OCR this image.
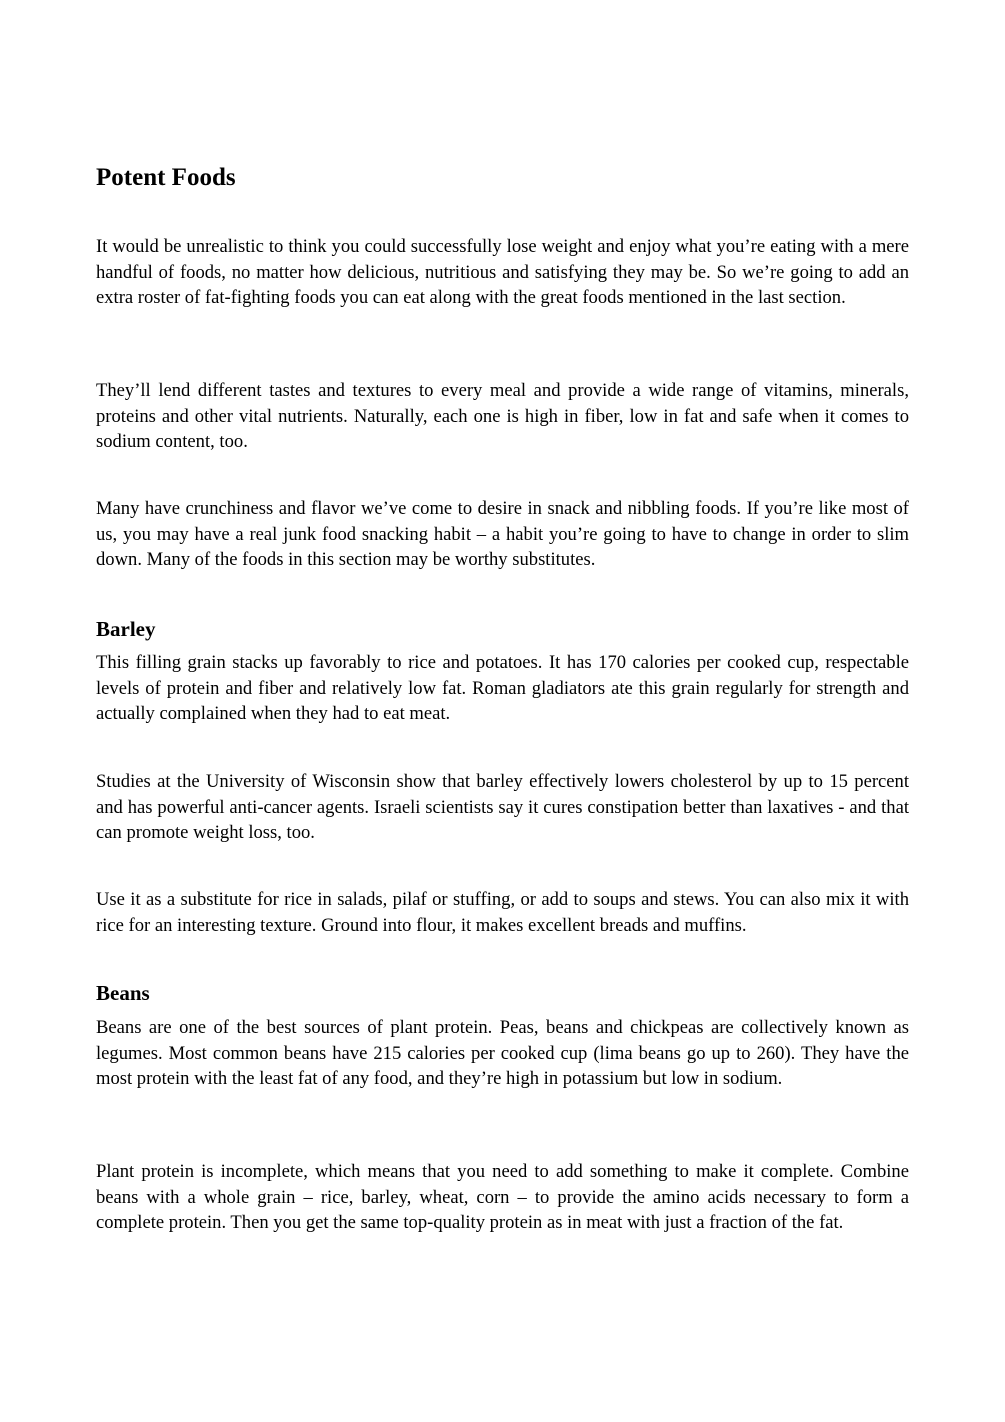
Potent Foods

It would be unrealistic to think you could successfully lose weight and enjoy what you’re eating with a mere handful of foods, no matter how delicious, nutritious and satisfying they may be. So we’re going to add an extra roster of fat-fighting foods you can eat along with the great foods mentioned in the last section.

They’ll lend different tastes and textures to every meal and provide a wide range of vitamins, minerals, proteins and other vital nutrients. Naturally, each one is high in fiber, low in fat and safe when it comes to sodium content, too.

Many have crunchiness and flavor we’ve come to desire in snack and nibbling foods. If you’re like most of us, you may have a real junk food snacking habit – a habit you’re going to have to change in order to slim down. Many of the foods in this section may be worthy substitutes.

Barley

This filling grain stacks up favorably to rice and potatoes. It has 170 calories per cooked cup, respectable levels of protein and fiber and relatively low fat. Roman gladiators ate this grain regularly for strength and actually complained when they had to eat meat.

Studies at the University of Wisconsin show that barley effectively lowers cholesterol by up to 15 percent and has powerful anti-cancer agents. Israeli scientists say it cures constipation better than laxatives - and that can promote weight loss, too.

Use it as a substitute for rice in salads, pilaf or stuffing, or add to soups and stews. You can also mix it with rice for an interesting texture. Ground into flour, it makes excellent breads and muffins.

Beans

Beans are one of the best sources of plant protein. Peas, beans and chickpeas are collectively known as legumes. Most common beans have 215 calories per cooked cup (lima beans go up to 260). They have the most protein with the least fat of any food, and they’re high in potassium but low in sodium.

Plant protein is incomplete, which means that you need to add something to make it complete. Combine beans with a whole grain – rice, barley, wheat, corn – to provide the amino acids necessary to form a complete protein. Then you get the same top-quality protein as in meat with just a fraction of the fat.
